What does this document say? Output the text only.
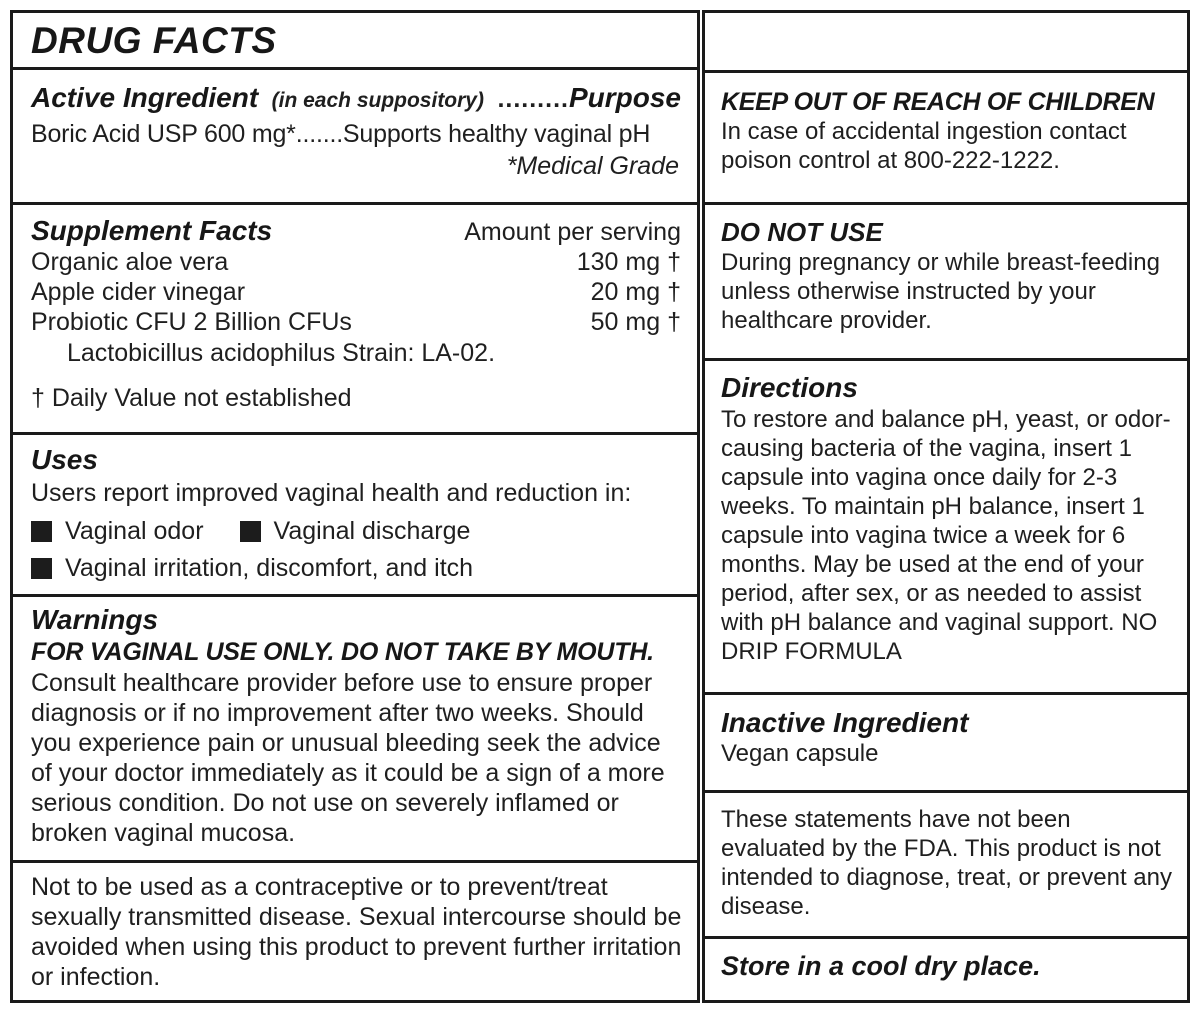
DRUG FACTS
Active Ingredient (in each suppository) .........Purpose
Boric Acid USP 600 mg*.......Supports healthy vaginal pH
*Medical Grade
Supplement Facts	Amount per serving
Organic aloe vera	130 mg †
Apple cider vinegar	20 mg †
Probiotic CFU 2 Billion CFUs	50 mg †
Lactobicillus acidophilus Strain: LA-02.
† Daily Value not established
Uses
Users report improved vaginal health and reduction in:
Vaginal odor	Vaginal discharge
Vaginal irritation, discomfort, and itch
Warnings
FOR VAGINAL USE ONLY. DO NOT TAKE BY MOUTH.
Consult healthcare provider before use to ensure proper diagnosis or if no improvement after two weeks. Should you experience pain or unusual bleeding seek the advice of your doctor immediately as it could be a sign of a more serious condition. Do not use on severely inflamed or broken vaginal mucosa.
Not to be used as a contraceptive or to prevent/treat sexually transmitted disease. Sexual intercourse should be avoided when using this product to prevent further irritation or infection.
KEEP OUT OF REACH OF CHILDREN
In case of accidental ingestion contact poison control at 800-222-1222.
DO NOT USE
During pregnancy or while breast-feeding unless otherwise instructed by your healthcare provider.
Directions
To restore and balance pH, yeast, or odor-causing bacteria of the vagina, insert 1 capsule into vagina once daily for 2-3 weeks. To maintain pH balance, insert 1 capsule into vagina twice a week for 6 months. May be used at the end of your period, after sex, or as needed to assist with pH balance and vaginal support. NO DRIP FORMULA
Inactive Ingredient
Vegan capsule
These statements have not been evaluated by the FDA. This product is not intended to diagnose, treat, or prevent any disease.
Store in a cool dry place.
